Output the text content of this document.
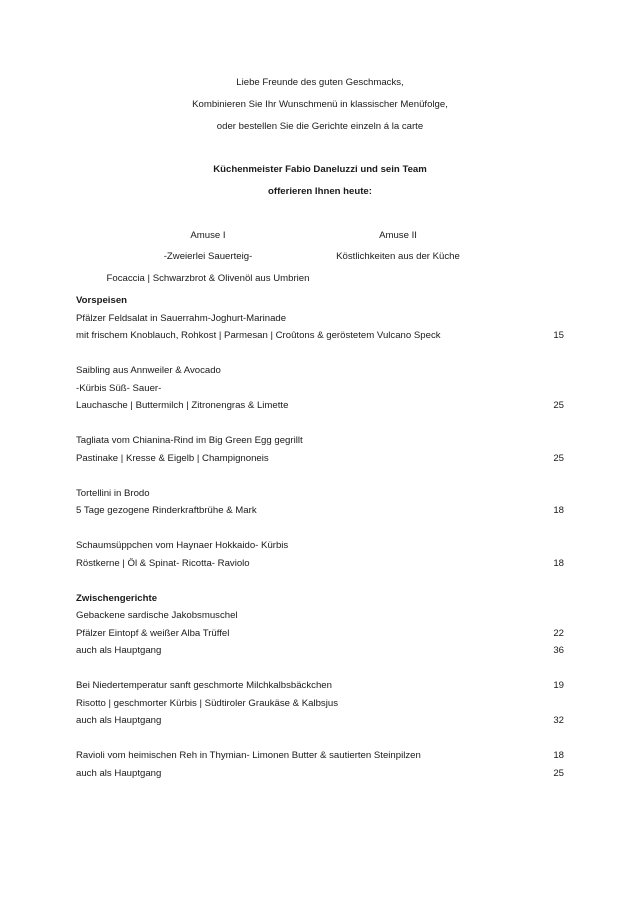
Liebe Freunde des guten Geschmacks,
Kombinieren Sie Ihr Wunschmenü in klassischer Menüfolge,
oder bestellen Sie die Gerichte einzeln á la carte
Küchenmeister Fabio Daneluzzi und sein Team
offerieren Ihnen heute:
Amuse I
-Zweierlei Sauerteig-
Focaccia | Schwarzbrot & Olivenöl aus Umbrien
Amuse II
Köstlichkeiten aus der Küche
Vorspeisen
Pfälzer Feldsalat in Sauerrahm-Joghurt-Marinade
mit frischem Knoblauch, Rohkost | Parmesan | Croûtons & geröstetem Vulcano Speck	15
Saibling aus Annweiler & Avocado
-Kürbis Süß- Sauer-
Lauchasche | Buttermilch | Zitronengras & Limette	25
Tagliata vom Chianina-Rind im Big Green Egg gegrillt
Pastinake | Kresse & Eigelb | Champignoneis	25
Tortellini in Brodo
5 Tage gezogene Rinderkraftbrühe & Mark	18
Schaumsüppchen vom Haynaer Hokkaido- Kürbis
Röstkerne | Öl & Spinat- Ricotta- Raviolo	18
Zwischengerichte
Gebackene sardische Jakobsmuschel
Pfälzer Eintopf & weißer Alba Trüffel	22
auch als Hauptgang	36
Bei Niedertemperatur sanft geschmorte Milchkalbsbäckchen	19
Risotto | geschmorter Kürbis | Südtiroler Graukäse & Kalbsjus
auch als Hauptgang	32
Ravioli vom heimischen Reh in Thymian- Limonen Butter & sautierten Steinpilzen	18
auch als Hauptgang	25
